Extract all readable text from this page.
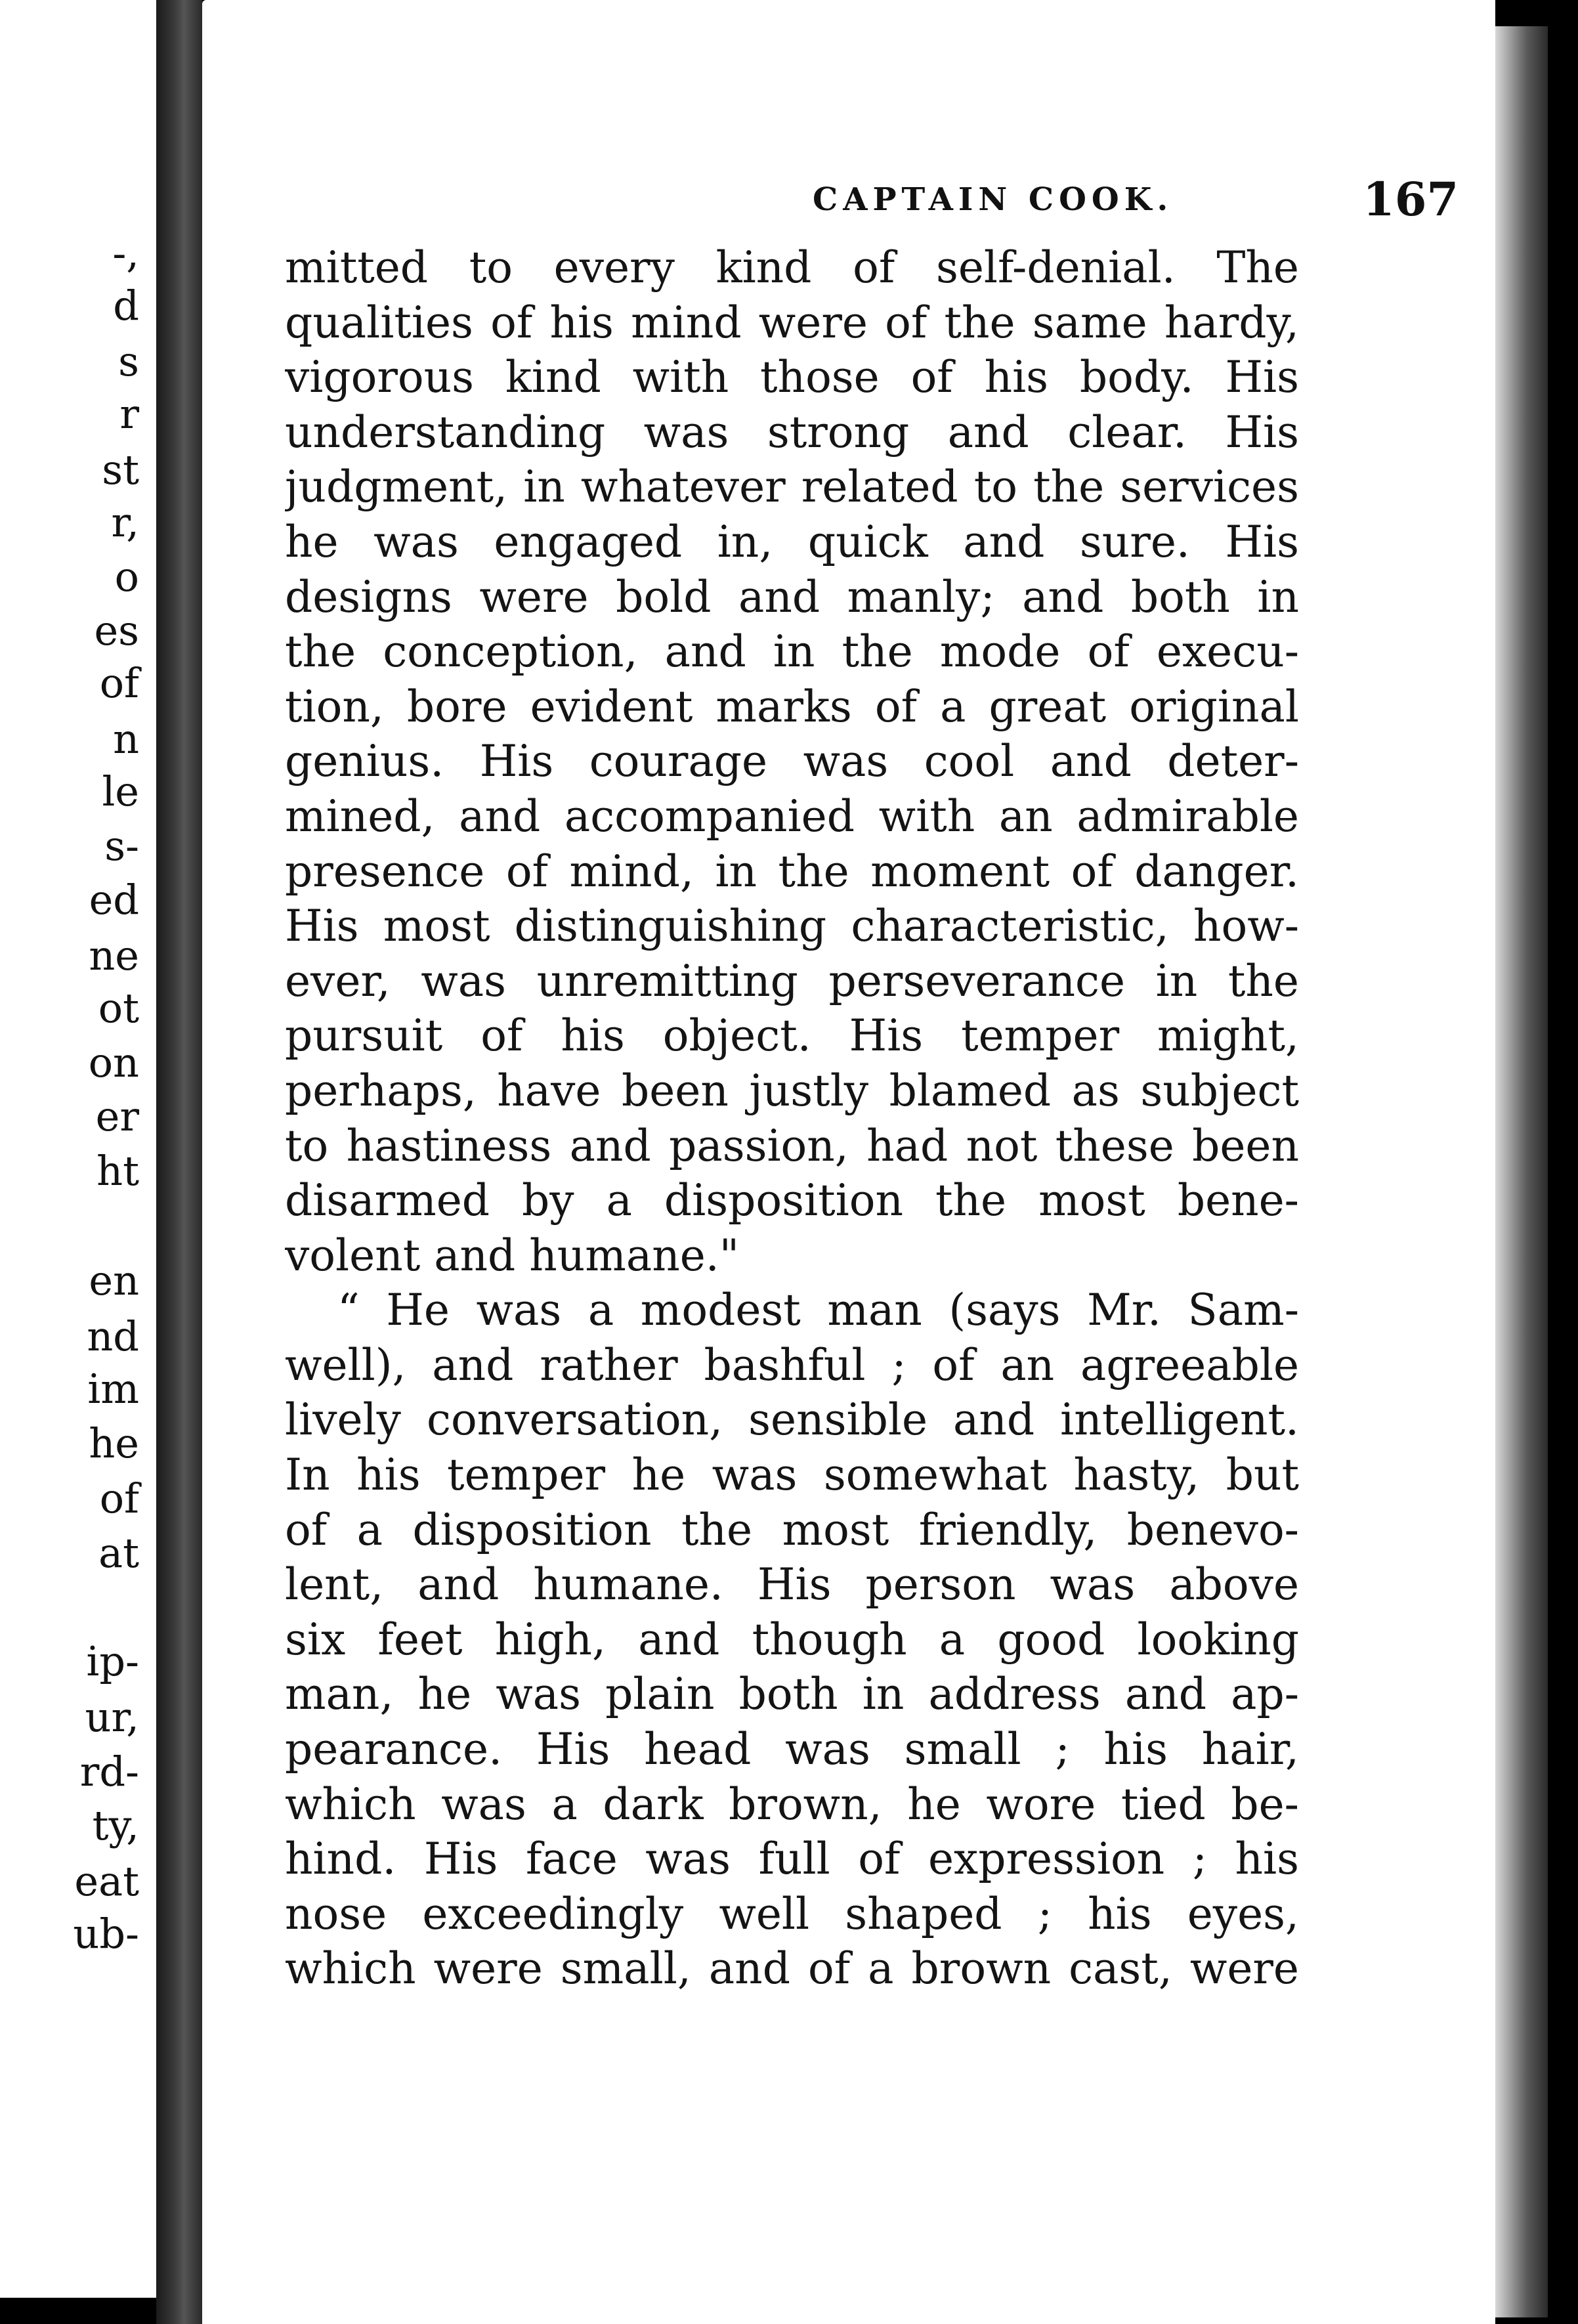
-,
d
s
r
st
r,
o
es
of
n
le
s-
ed
ne
ot
on
er
ht
en
nd
im
he
of
at
ip-
ur,
rd-
ty,
eat
ub-
CAPTAIN COOK.	167
mitted to every kind of self-denial. The
qualities of his mind were of the same hardy,
vigorous kind with those of his body. His
understanding was strong and clear. His
judgment, in whatever related to the services
he was engaged in, quick and sure. His
designs were bold and manly; and both in
the conception, and in the mode of execu-
tion, bore evident marks of a great original
genius. His courage was cool and deter-
mined, and accompanied with an admirable
presence of mind, in the moment of danger.
His most distinguishing characteristic, how-
ever, was unremitting perseverance in the
pursuit of his object. His temper might,
perhaps, have been justly blamed as subject
to hastiness and passion, had not these been
disarmed by a disposition the most bene-
volent and humane."
“ He was a modest man (says Mr. Sam-
well), and rather bashful ; of an agreeable
lively conversation, sensible and intelligent.
In his temper he was somewhat hasty, but
of a disposition the most friendly, benevo-
lent, and humane. His person was above
six feet high, and though a good looking
man, he was plain both in address and ap-
pearance. His head was small ; his hair,
which was a dark brown, he wore tied be-
hind. His face was full of expression ; his
nose exceedingly well shaped ; his eyes,
which were small, and of a brown cast, were
